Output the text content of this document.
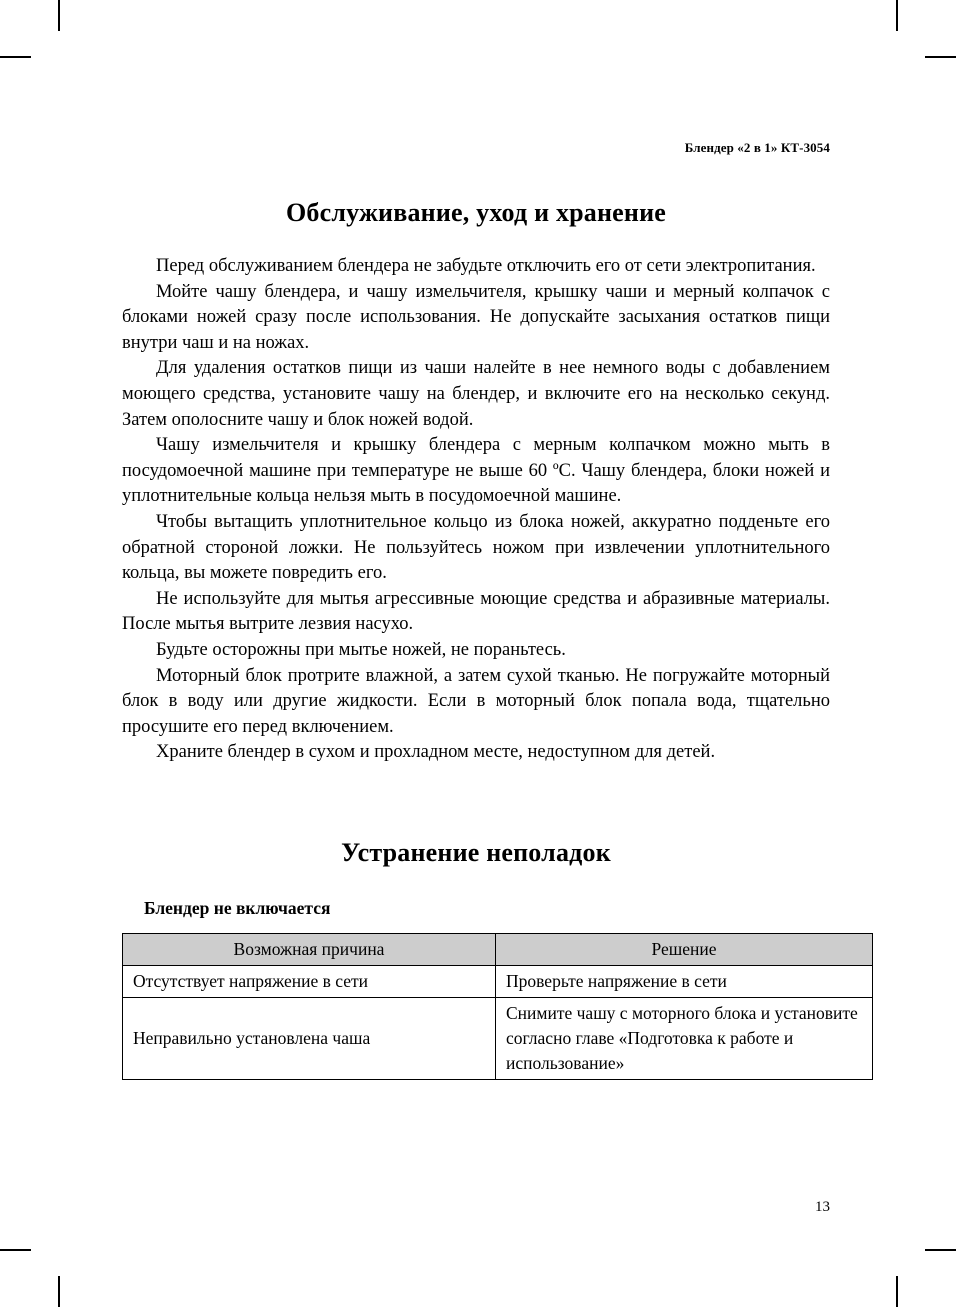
Блендер «2 в 1» КТ-3054
Обслуживание, уход и хранение

Перед обслуживанием блендера не забудьте отключить его от сети электропитания.

Мойте чашу блендера, и чашу измельчителя, крышку чаши и мерный колпачок с блоками ножей сразу после использования. Не допускайте засыхания остатков пищи внутри чаш и на ножах.

Для удаления остатков пищи из чаши налейте в нее немного воды с добавлением моющего средства, установите чашу на блендер, и включите его на несколько секунд. Затем ополосните чашу и блок ножей водой.

Чашу измельчителя и крышку блендера с мерным колпачком можно мыть в посудомоечной машине при температуре не выше 60 ºC. Чашу блендера, блоки ножей и уплотнительные кольца нельзя мыть в посудомоечной машине.

Чтобы вытащить уплотнительное кольцо из блока ножей, аккуратно подденьте его обратной стороной ложки. Не пользуйтесь ножом при извлечении уплотнительного кольца, вы можете повредить его.

Не используйте для мытья агрессивные моющие средства и абразивные материалы. После мытья вытрите лезвия насухо.

Будьте осторожны при мытье ножей, не пораньтесь.

Моторный блок протрите влажной, а затем сухой тканью. Не погружайте моторный блок в воду или другие жидкости. Если в моторный блок попала вода, тщательно просушите его перед включением.

Храните блендер в сухом и прохладном месте, недоступном для детей.

Устранение неполадок
Блендер не включается
Возможная причина	Решение
Отсутствует напряжение в сети	Проверьте напряжение в сети
Неправильно установлена чаша	Снимите чашу с моторного блока и установите согласно главе «Подготовка к работе и использование»
13
